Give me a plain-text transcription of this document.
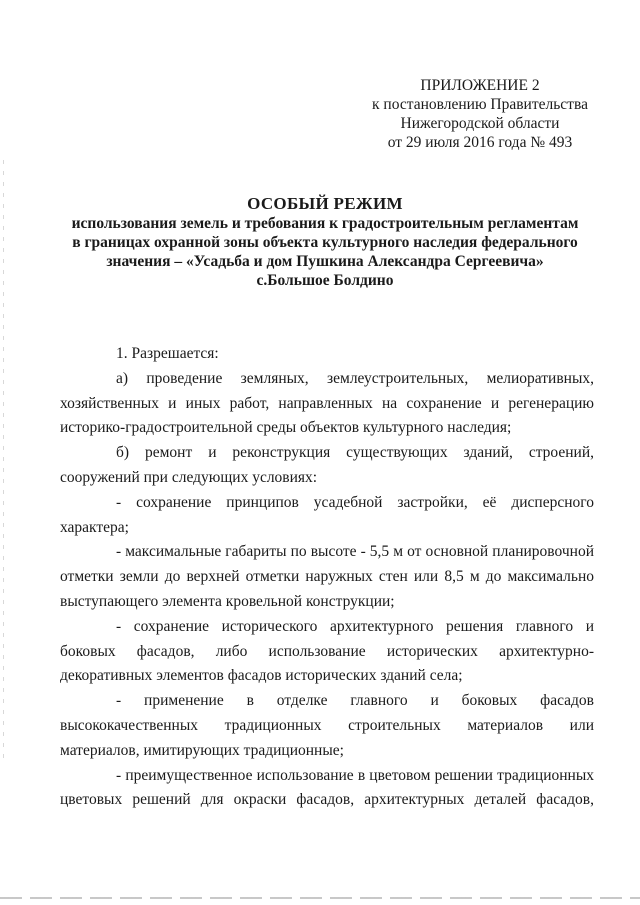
ПРИЛОЖЕНИЕ 2
к постановлению Правительства
Нижегородской области
от 29 июля 2016 года № 493
ОСОБЫЙ РЕЖИМ
использования земель и требования к градостроительным регламентам
в границах охранной зоны объекта культурного наследия федерального
значения – «Усадьба и дом Пушкина Александра Сергеевича»
с.Большое Болдино
1. Разрешается:
а) проведение земляных, землеустроительных, мелиоративных,
хозяйственных и иных работ, направленных на сохранение и регенерацию
историко-градостроительной среды объектов культурного наследия;
б) ремонт и реконструкция существующих зданий, строений,
сооружений при следующих условиях:
- сохранение принципов усадебной застройки, её дисперсного
характера;
- максимальные габариты по высоте - 5,5 м от основной планировочной
отметки земли до верхней отметки наружных стен или 8,5 м до максимально
выступающего элемента кровельной конструкции;
- сохранение исторического архитектурного решения главного и
боковых фасадов, либо использование исторических архитектурно-
декоративных элементов фасадов исторических зданий села;
- применение в отделке главного и боковых фасадов
высококачественных традиционных строительных материалов или
материалов, имитирующих традиционные;
- преимущественное использование в цветовом решении традиционных
цветовых решений для окраски фасадов, архитектурных деталей фасадов,
